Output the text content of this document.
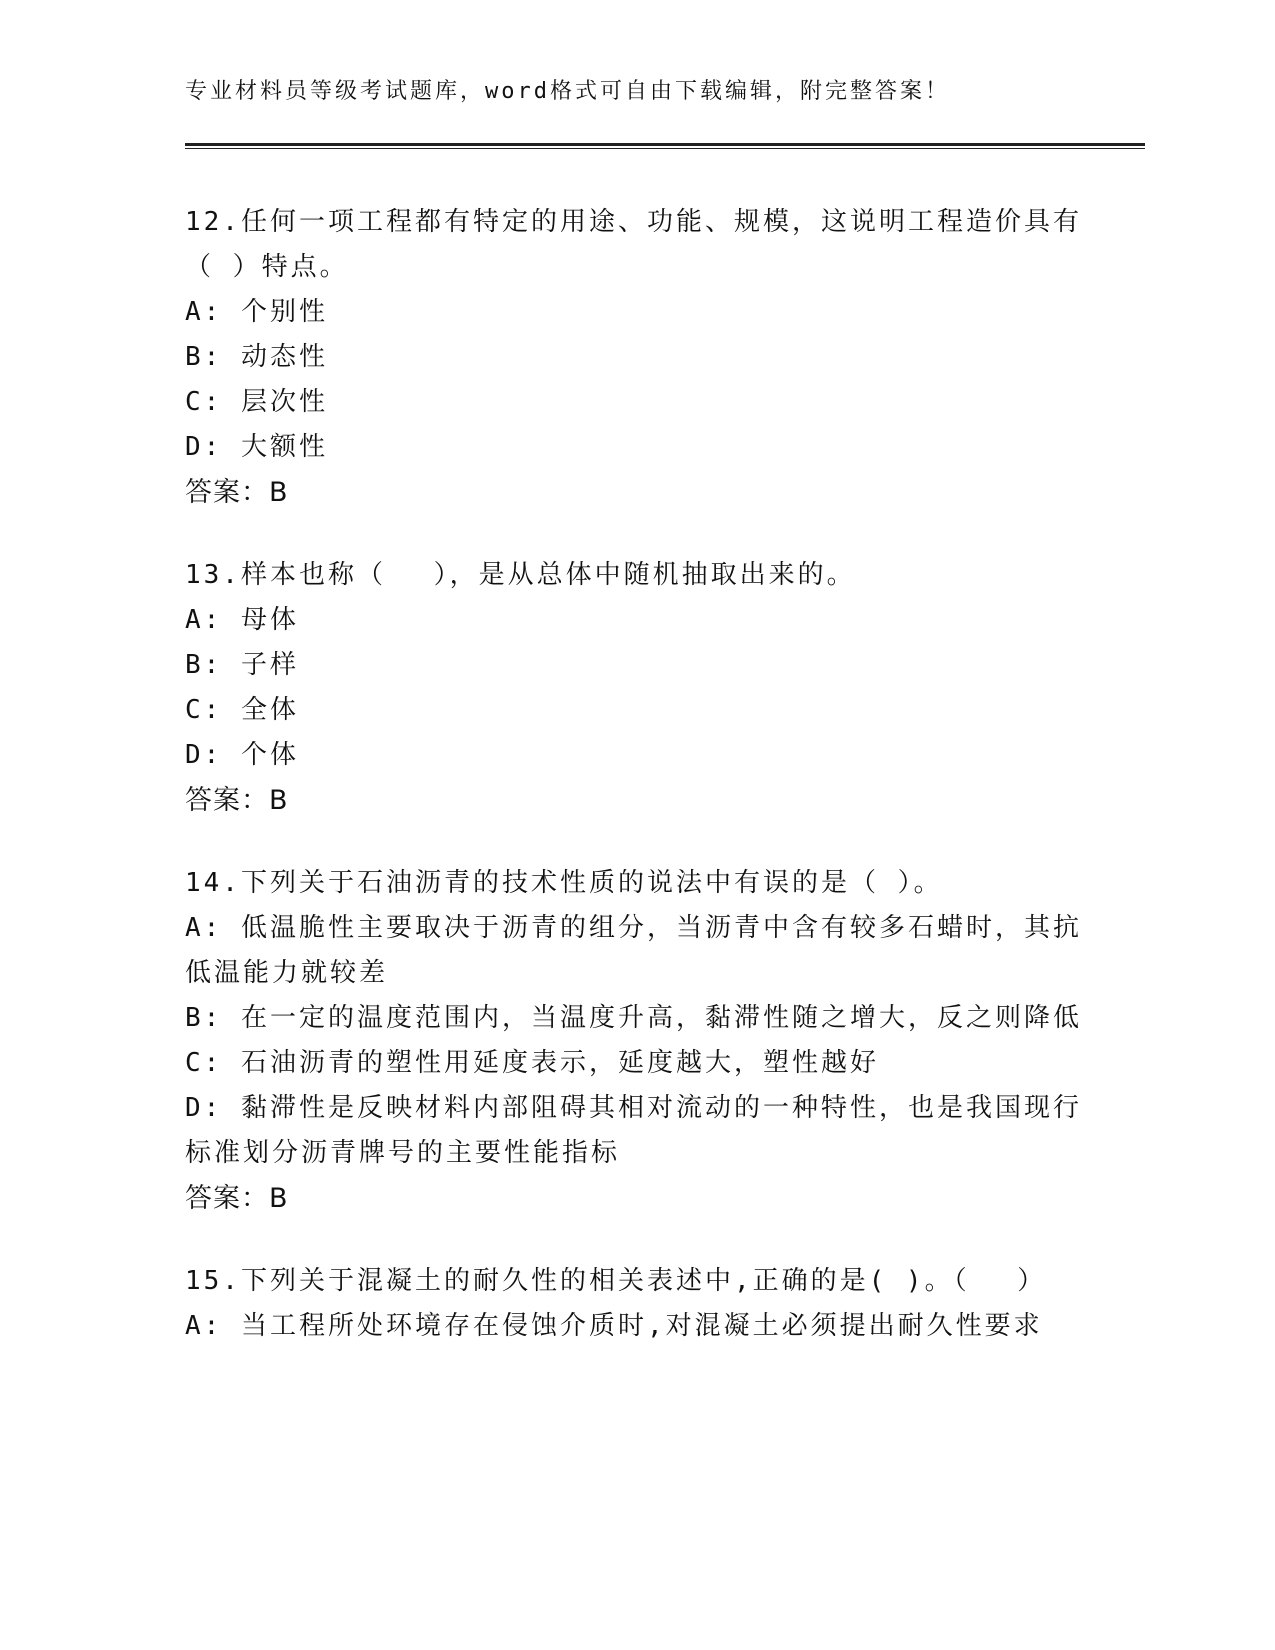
专业材料员等级考试题库，word格式可自由下载编辑，附完整答案！
12.任何一项工程都有特定的用途、功能、规模，这说明工程造价具有
（ ）特点。
A: 个别性
B: 动态性
C: 层次性
D: 大额性
答案：B
13.样本也称（　 ），是从总体中随机抽取出来的。
A: 母体
B: 子样
C: 全体
D: 个体
答案：B
14.下列关于石油沥青的技术性质的说法中有误的是（ ）。
A: 低温脆性主要取决于沥青的组分，当沥青中含有较多石蜡时，其抗
低温能力就较差
B: 在一定的温度范围内，当温度升高，黏滞性随之增大，反之则降低
C: 石油沥青的塑性用延度表示，延度越大，塑性越好
D: 黏滞性是反映材料内部阻碍其相对流动的一种特性，也是我国现行
标准划分沥青牌号的主要性能指标
答案：B
15.下列关于混凝土的耐久性的相关表述中,正确的是( )。（　 ）
A: 当工程所处环境存在侵蚀介质时,对混凝土必须提出耐久性要求
